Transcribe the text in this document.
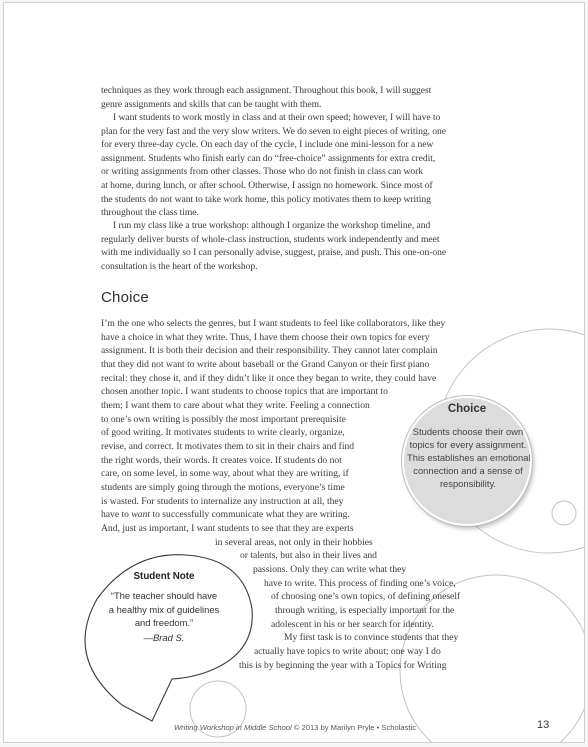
techniques as they work through each assignment. Throughout this book, I will suggest
genre assignments and skills that can be taught with them.

I want students to work mostly in class and at their own speed; however, I will have to
plan for the very fast and the very slow writers. We do seven to eight pieces of writing, one
for every three-day cycle. On each day of the cycle, I include one mini-lesson for a new
assignment. Students who finish early can do “free-choice” assignments for extra credit,
or writing assignments from other classes. Those who do not finish in class can work
at home, during lunch, or after school. Otherwise, I assign no homework. Since most of
the students do not want to take work home, this policy motivates them to keep writing
throughout the class time.

I run my class like a true workshop: although I organize the workshop timeline, and
regularly deliver bursts of whole-class instruction, students work independently and meet
with me individually so I can personally advise, suggest, praise, and push. This one-on-one
consultation is the heart of the workshop.

Choice
I’m the one who selects the genres, but I want students to feel like collaborators, like they
have a choice in what they write. Thus, I have them choose their own topics for every
assignment. It is both their decision and their responsibility. They cannot later complain
that they did not want to write about baseball or the Grand Canyon or their first piano
recital: they chose it, and if they didn’t like it once they began to write, they could have
chosen another topic. I want students to choose topics that are important to
them; I want them to care about what they write. Feeling a connection
to one’s own writing is possibly the most important prerequisite
of good writing. It motivates students to write clearly, organize,
revise, and correct. It motivates them to sit in their chairs and find
the right words, their words. It creates voice. If students do not
care, on some level, in some way, about what they are writing, if
students are simply going through the motions, everyone’s time
is wasted. For students to internalize any instruction at all, they
have to want to successfully communicate what they are writing.
And, just as important, I want students to see that they are experts
in several areas, not only in their hobbies
or talents, but also in their lives and
passions. Only they can write what they
have to write. This process of finding one’s voice,
of choosing one’s own topics, of defining oneself
through writing, is especially important for the
adolescent in his or her search for identity.
My first task is to convince students that they
actually have topics to write about; one way I do
this is by beginning the year with a Topics for Writing
Choice

Students choose their own
topics for every assignment.
This establishes an emotional
connection and a sense of
responsibility.

Student Note

“The teacher should have
a healthy mix of guidelines
and freedom.”

—Brad S.
Writing Workshop in Middle School © 2013 by Marilyn Pryle • Scholastic	13
